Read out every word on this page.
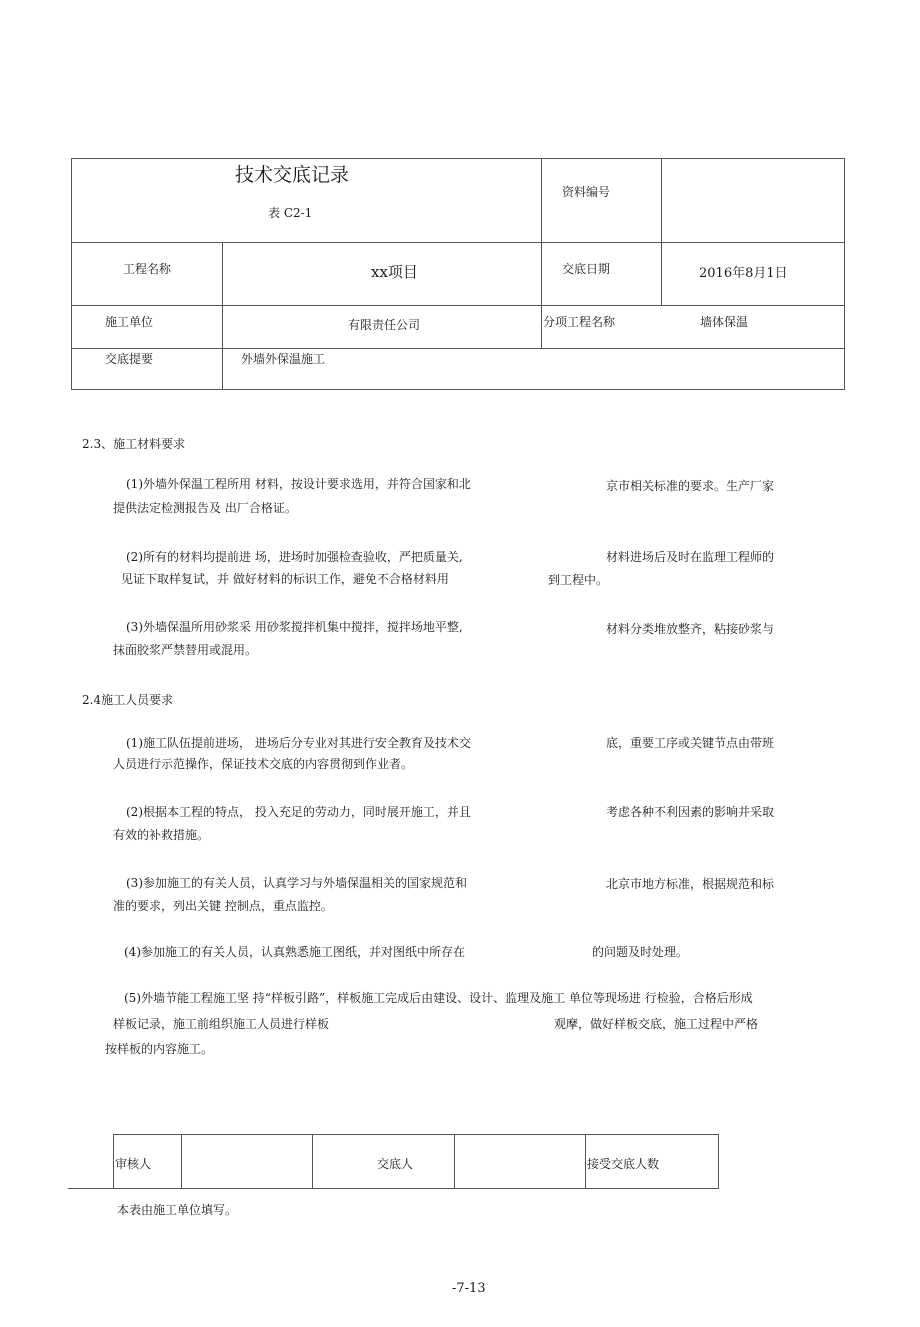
技术交底记录
表 C2-1
资料编号
工程名称	xx项目	交底日期	2016年8月1日
施工单位	有限责任公司	分项工程名称	墙体保温
交底提要	外墙外保温施工
2.3、施工材料要求
(1)外墙外保温工程所用 材料，按设计要求选用，并符合国家和北	京市相关标准的要求。生产厂家
提供法定检测报告及 出厂合格证。
(2)所有的材料均提前进 场，进场时加强检查验收，严把质量关,	材料进场后及时在监理工程师的
见证下取样复试，并 做好材料的标识工作，避免不合格材料用	到工程中。
(3)外墙保温所用砂浆采 用砂浆搅拌机集中搅拌，搅拌场地平整,	材料分类堆放整齐，粘接砂浆与
抹面胶浆严禁替用或混用。
2.4施工人员要求
(1)施工队伍提前进场， 进场后分专业对其进行安全教育及技术交	底，重要工序或关键节点由带班
人员进行示范操作，保证技术交底的内容贯彻到作业者。
(2)根据本工程的特点， 投入充足的劳动力，同时展开施工，并且	考虑各种不利因素的影响并采取
有效的补救措施。
(3)参加施工的有关人员，认真学习与外墙保温相关的国家规范和	北京市地方标准，根据规范和标
准的要求，列出关键 控制点，重点监控。
(4)参加施工的有关人员，认真熟悉施工图纸，并对图纸中所存在	的问题及时处理。
(5)外墙节能工程施工坚 持“样板引路”，样板施工完成后由建设、设计、监理及施工 单位等现场进 行检验，合格后形成
样板记录，施工前组织施工人员进行样板	观摩，做好样板交底，施工过程中严格
按样板的内容施工。
审核人	交底人	接受交底人数
本表由施工单位填写。
-7-13
